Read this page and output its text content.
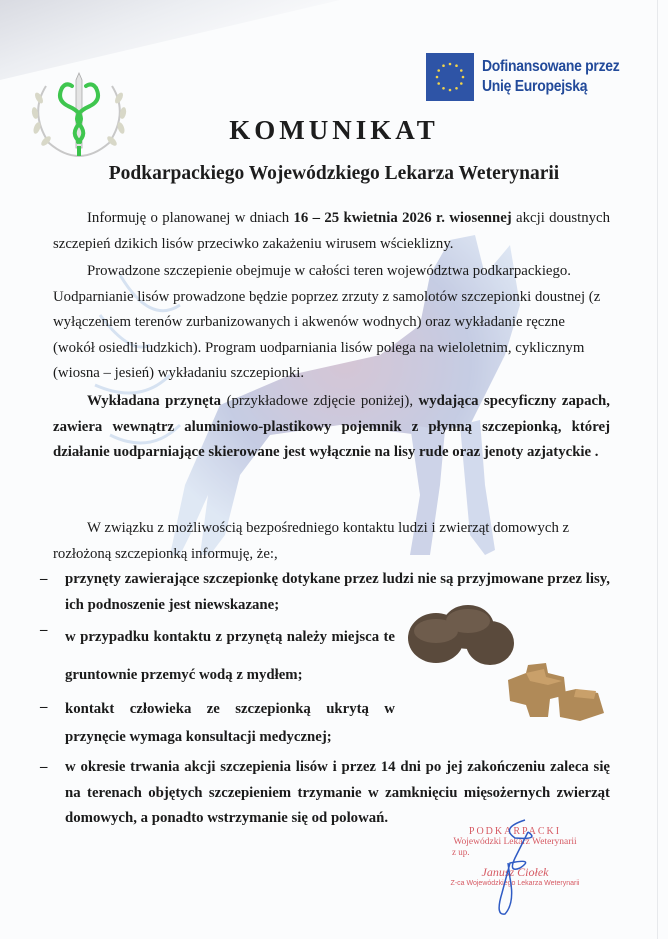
Dofinansowane przez
Unię Europejską
KOMUNIKAT
Podkarpackiego Wojewódzkiego Lekarza Weterynarii

Informuję o planowanej w dniach 16 – 25 kwietnia 2026 r. wiosennej akcji doustnych szczepień dzikich lisów przeciwko zakażeniu wirusem wścieklizny.

Prowadzone szczepienie obejmuje w całości teren województwa podkarpackiego. Uodparnianie lisów prowadzone będzie poprzez zrzuty z samolotów szczepionki doustnej (z wyłączeniem terenów zurbanizowanych i akwenów wodnych) oraz wykładanie ręczne (wokół osiedli ludzkich). Program uodparniania lisów polega na wieloletnim, cyklicznym (wiosna – jesień) wykładaniu szczepionki.

Wykładana przynęta (przykładowe zdjęcie poniżej), wydająca specyficzny zapach, zawiera wewnątrz aluminiowo-plastikowy pojemnik z płynną szczepionką, której działanie uodparniające skierowane jest wyłącznie na lisy rude oraz jenoty azjatyckie .

W związku z możliwością bezpośredniego kontaktu ludzi i zwierząt domowych z rozłożoną szczepionką informuję, że:,

– przynęty zawierające szczepionkę dotykane przez ludzi nie są przyjmowane przez lisy, ich podnoszenie jest niewskazane;
– w przypadku kontaktu z przynętą należy miejsca te gruntownie przemyć wodą z mydłem;
– kontakt człowieka ze szczepionką ukrytą w przynęcie wymaga konsultacji medycznej;
– w okresie trwania akcji szczepienia lisów i przez 14 dni po jej zakończeniu zaleca się na terenach objętych szczepieniem trzymanie w zamknięciu mięsożernych zwierząt domowych, a ponadto wstrzymanie się od polowań.
PODKARPACKI
Wojewódzki Lekarz Weterynarii
z up.
Janusz Ciołek
Z-ca Wojewódzkiego Lekarza Weterynarii
